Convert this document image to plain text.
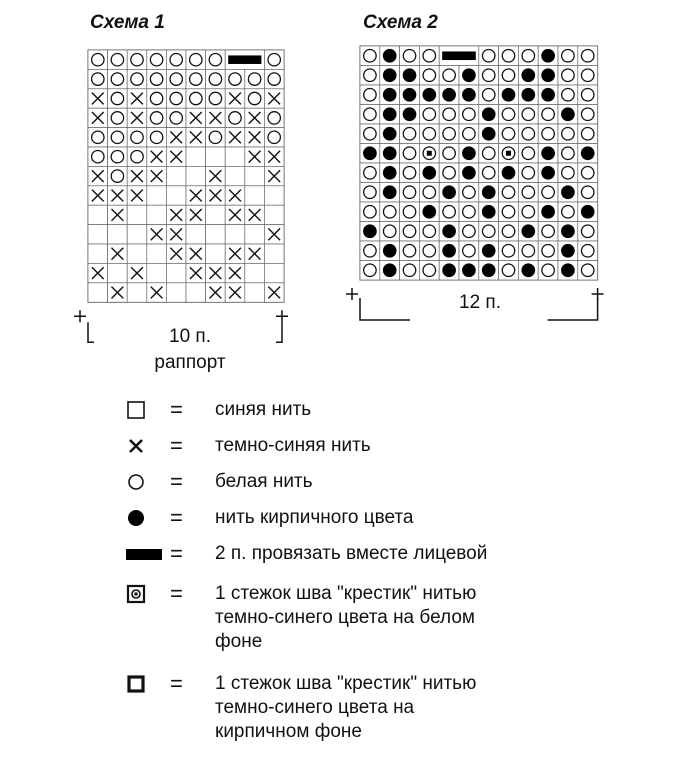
Схема 1	Схема 2
10 п.
раппорт
12 п.
= синяя нить
= темно-синяя нить
= белая нить
= нить кирпичного цвета
= 2 п. провязать вместе лицевой
= 1 стежок шва "крестик" нитью
темно-синего цвета на белом
фоне
= 1 стежок шва "крестик" нитью
темно-синего цвета на
кирпичном фоне
